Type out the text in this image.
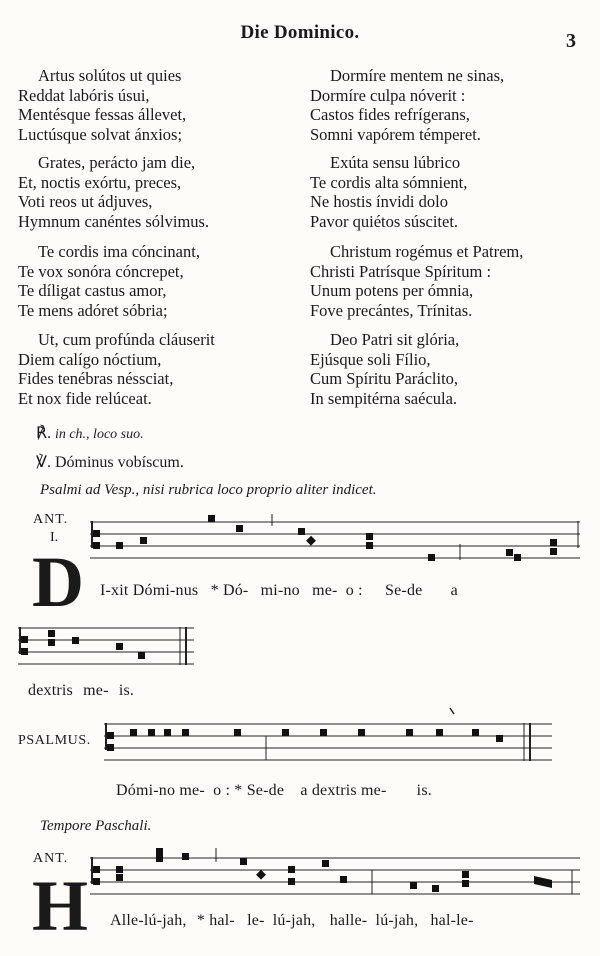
Die Dominico.	3
Artus solútos ut quies
Reddat labóris úsui,
Mentésque fessas állevet,
Luctúsque solvat ánxios;
Grates, perácto jam die,
Et, noctis exórtu, preces,
Voti reos ut ádjuves,
Hymnum canéntes sólvimus.
Te cordis ima cóncinant,
Te vox sonóra cóncrepet,
Te díligat castus amor,
Te mens adóret sóbria;
Ut, cum profúnda cláuserit
Diem calígo nóctium,
Fides tenébras néssciat,
Et nox fide relúceat.
Dormíre mentem ne sinas,
Dormíre culpa nóverit :
Castos fides refrígerans,
Somni vapórem témperet.
Exúta sensu lúbrico
Te cordis alta sómnient,
Ne hostis ínvidi dolo
Pavor quiétos súscitet.
Christum rogémus et Patrem,
Christi Patrísque Spíritum :
Unum potens per ómnia,
Fove precántes, Trínitas.
Deo Patri sit glória,
Ejúsque soli Fílio,
Cum Spíritu Paráclito,
In sempitérna saécula.
℟. in ch., loco suo.
℣. Dóminus vobíscum.
Psalmi ad Vesp., nisi rubrica loco proprio aliter indicet.
ANT.
I.
D I-xit Dómi-nus * Dó- mi-no me- o : Se-de a
dextris me- is.
PSALMUS.
Dómi-no me- o : * Se-de a dextris me- is.
Tempore Paschali.
ANT.
H Alle-lú-jah, * hal- le- lú-jah, halle- lú-jah, hal-le-
